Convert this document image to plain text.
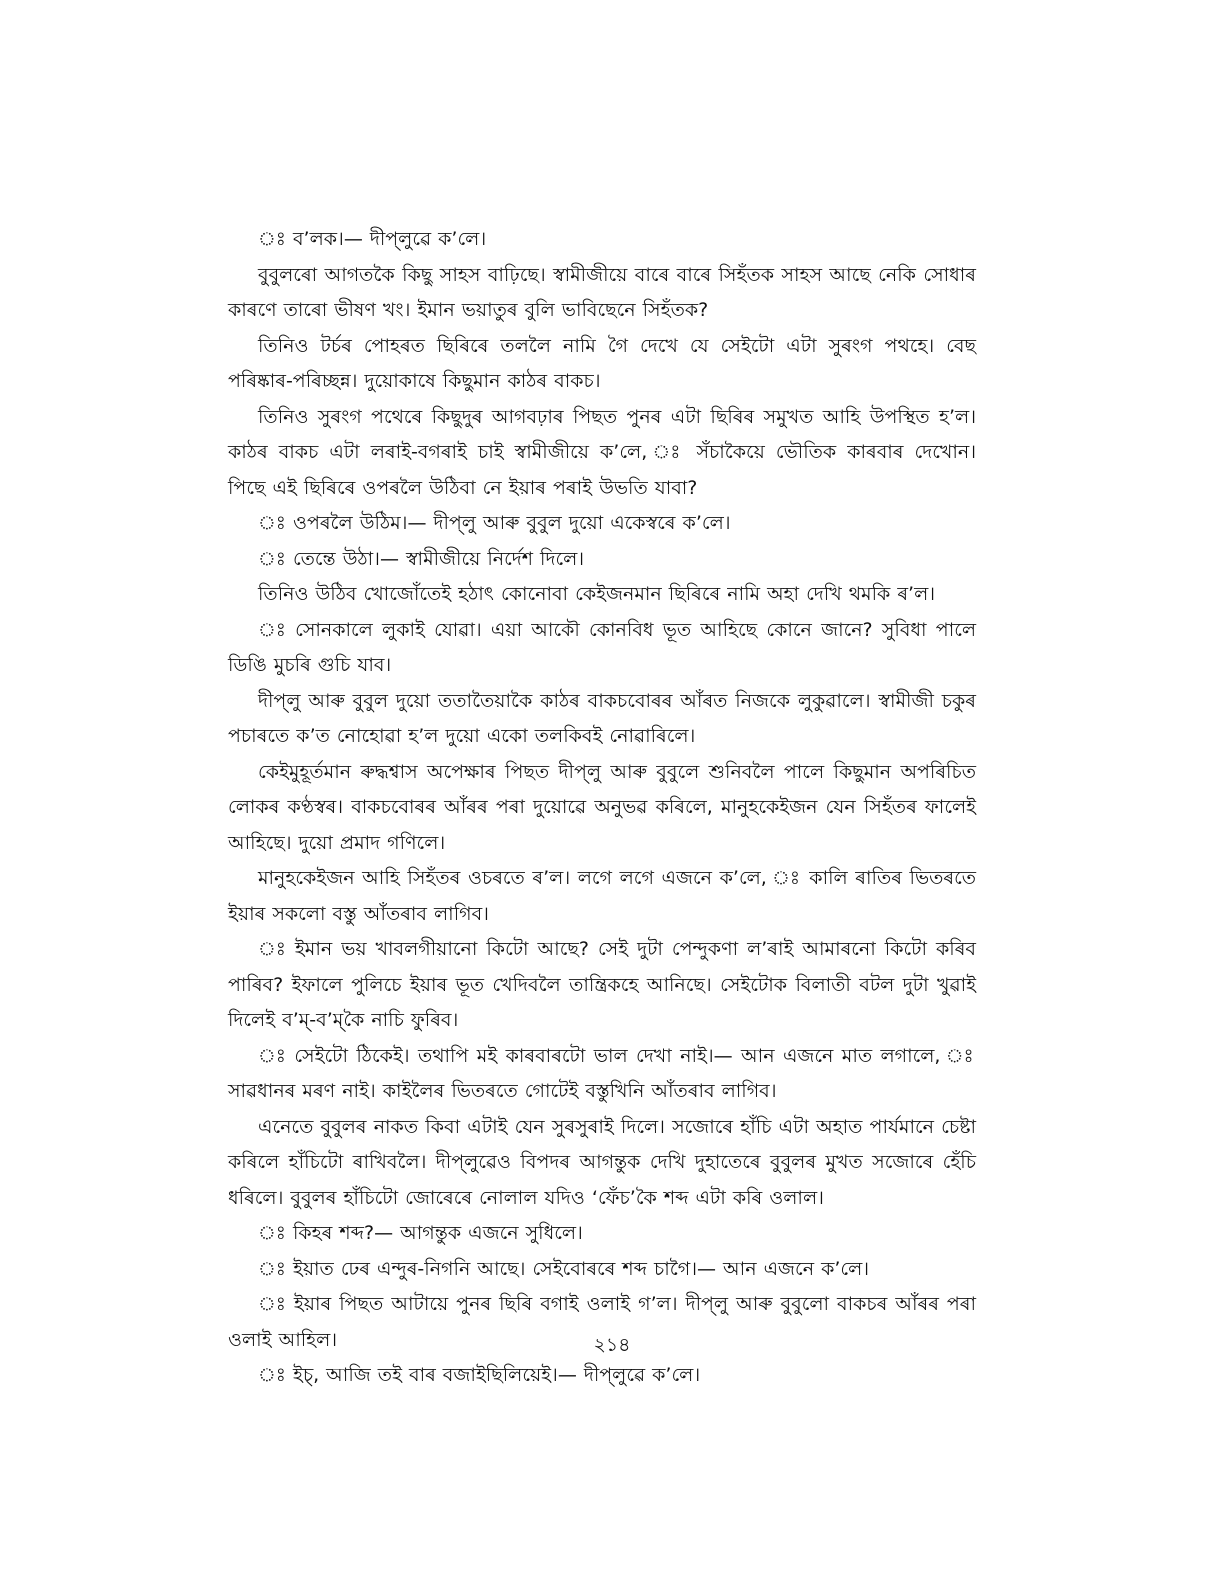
ঃ ব’লক।— দীপ্‌লুৱে ক’লে।

বুবুলৰো আগতকৈ কিছু সাহস বাঢ়িছে। স্বামীজীয়ে বাৰে বাৰে সিহঁতক সাহস আছে নেকি সোধাৰ কাৰণে তাৰো ভীষণ খং। ইমান ভয়াতুৰ বুলি ভাবিছেনে সিহঁতক?

তিনিও টৰ্চৰ পোহৰত ছিৰিৰে তললৈ নামি গৈ দেখে যে সেইটো এটা সুৰংগ পথহে। বেছ পৰিষ্কাৰ-পৰিচ্ছন্ন। দুয়োকাষে কিছুমান কাঠৰ বাকচ।

তিনিও সুৰংগ পথেৰে কিছুদুৰ আগবঢ়াৰ পিছত পুনৰ এটা ছিৰিৰ সমুখত আহি উপস্থিত হ’ল। কাঠৰ বাকচ এটা লৰাই-বগৰাই চাই স্বামীজীয়ে ক’লে, ঃ সঁচাকৈয়ে ভৌতিক কাৰবাৰ দেখোন। পিছে এই ছিৰিৰে ওপৰলৈ উঠিবা নে ইয়াৰ পৰাই উভতি যাবা?

ঃ ওপৰলৈ উঠিম।— দীপ্‌লু আৰু বুবুল দুয়ো একেস্বৰে ক’লে।

ঃ তেন্তে উঠা।— স্বামীজীয়ে নিৰ্দেশ দিলে।

তিনিও উঠিব খোজোঁতেই হঠাৎ কোনোবা কেইজনমান ছিৰিৰে নামি অহা দেখি থমকি ৰ’ল।

ঃ সোনকালে লুকাই যোৱা। এয়া আকৌ কোনবিধ ভূত আহিছে কোনে জানে? সুবিধা পালে ডিঙি মুচৰি গুচি যাব।

দীপ্‌লু আৰু বুবুল দুয়ো ততাতৈয়াকৈ কাঠৰ বাকচবোৰৰ আঁৰত নিজকে লুকুৱালে। স্বামীজী চকুৰ পচাৰতে ক’ত নোহোৱা হ’ল দুয়ো একো তলকিবই নোৱাৰিলে।

কেইমুহূৰ্তমান ৰুদ্ধশ্বাস অপেক্ষাৰ পিছত দীপ্‌লু আৰু বুবুলে শুনিবলৈ পালে কিছুমান অপৰিচিত লোকৰ কণ্ঠস্বৰ। বাকচবোৰৰ আঁৰৰ পৰা দুয়োৱে অনুভৱ কৰিলে, মানুহকেইজন যেন সিহঁতৰ ফালেই আহিছে। দুয়ো প্ৰমাদ গণিলে।

মানুহকেইজন আহি সিহঁতৰ ওচৰতে ৰ’ল। লগে লগে এজনে ক’লে, ঃ কালি ৰাতিৰ ভিতৰতে ইয়াৰ সকলো বস্তু আঁতৰাব লাগিব।

ঃ ইমান ভয় খাবলগীয়ানো কিটো আছে? সেই দুটা পেন্দুকণা ল’ৰাই আমাৰনো কিটো কৰিব পাৰিব? ইফালে পুলিচে ইয়াৰ ভূত খেদিবলৈ তান্ত্ৰিকহে আনিছে। সেইটোক বিলাতী বটল দুটা খুৱাই দিলেই ব’ম্‌-ব’ম্‌কৈ নাচি ফুৰিব।

ঃ সেইটো ঠিকেই। তথাপি মই কাৰবাৰটো ভাল দেখা নাই।— আন এজনে মাত লগালে, ঃ সাৱধানৰ মৰণ নাই। কাইলৈৰ ভিতৰতে গোটেই বস্তুখিনি আঁতৰাব লাগিব।

এনেতে বুবুলৰ নাকত কিবা এটাই যেন সুৰসুৰাই দিলে। সজোৰে হাঁচি এটা অহাত পাৰ্যমানে চেষ্টা কৰিলে হাঁচিটো ৰাখিবলৈ। দীপ্‌লুৱেও বিপদৰ আগন্তুক দেখি দুহাতেৰে বুবুলৰ মুখত সজোৰে হেঁচি ধৰিলে। বুবুলৰ হাঁচিটো জোৰেৰে নোলাল যদিও ‘ফেঁচ’কৈ শব্দ এটা কৰি ওলাল।

ঃ কিহৰ শব্দ?— আগন্তুক এজনে সুধিলে।

ঃ ইয়াত ঢেৰ এন্দুৰ-নিগনি আছে। সেইবোৰৰে শব্দ চাগৈ।— আন এজনে ক’লে।

ঃ ইয়াৰ পিছত আটায়ে পুনৰ ছিৰি বগাই ওলাই গ’ল। দীপ্‌লু আৰু বুবুলো বাকচৰ আঁৰৰ পৰা ওলাই আহিল।

ঃ ইচ্‌, আজি তই বাৰ বজাইছিলিয়েই।— দীপ্‌লুৱে ক’লে।

২১৪
